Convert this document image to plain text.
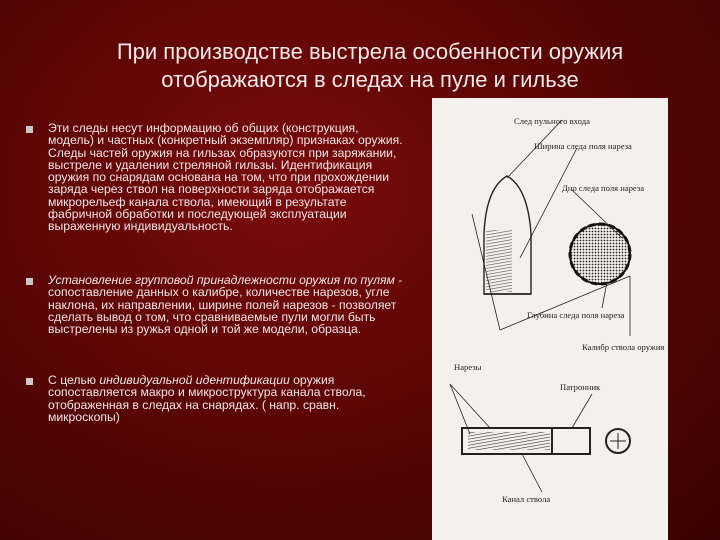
При производстве выстрела особенности оружия
отображаются в следах на пуле и гильзе
Эти следы несут информацию об общих (конструкция, модель) и частных (конкретный экземпляр) признаках оружия. Следы частей оружия на гильзах образуются при заряжании, выстреле и удалении стреляной гильзы. Идентификация оружия по снарядам основана на том, что при прохождении заряда через ствол на поверхности заряда отображается микрорельеф канала ствола, имеющий в результате фабричной обработки и последующей эксплуатации выраженную индивидуальность.
Установление групповой принадлежности оружия по пулям - сопоставление данных о калибре, количестве нарезов, угле наклона, их направлении, ширине полей нарезов - позволяет сделать вывод о том, что сравниваемые пули могли быть выстрелены из ружья одной и той же модели, образца.
С целью индивидуальной идентификации оружия сопоставляется макро и микроструктура канала ствола, отображенная в следах на снарядах. ( напр. сравн. микроскопы)
След пульного входа
Ширина следа поля нареза
Дно следа поля нареза
Глубина следа поля нареза
Калибр ствола оружия
Нарезы
Патронник
Канал ствола
